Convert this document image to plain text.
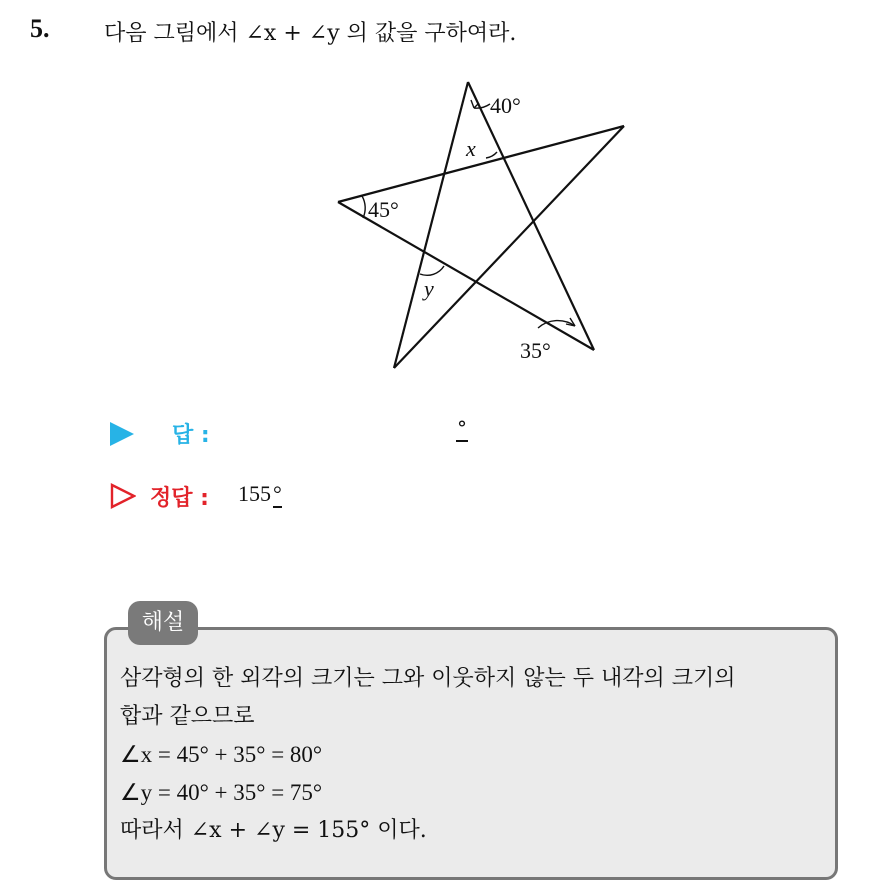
5. 다음 그림에서 ∠x + ∠y 의 값을 구하여라.
40°
x
45°
y
35°
답 :	°
정답 : 155°
해설
삼각형의 한 외각의 크기는 그와 이웃하지 않는 두 내각의 크기의
합과 같으므로
∠x = 45° + 35° = 80°
∠y = 40° + 35° = 75°
따라서 ∠x + ∠y = 155° 이다.
